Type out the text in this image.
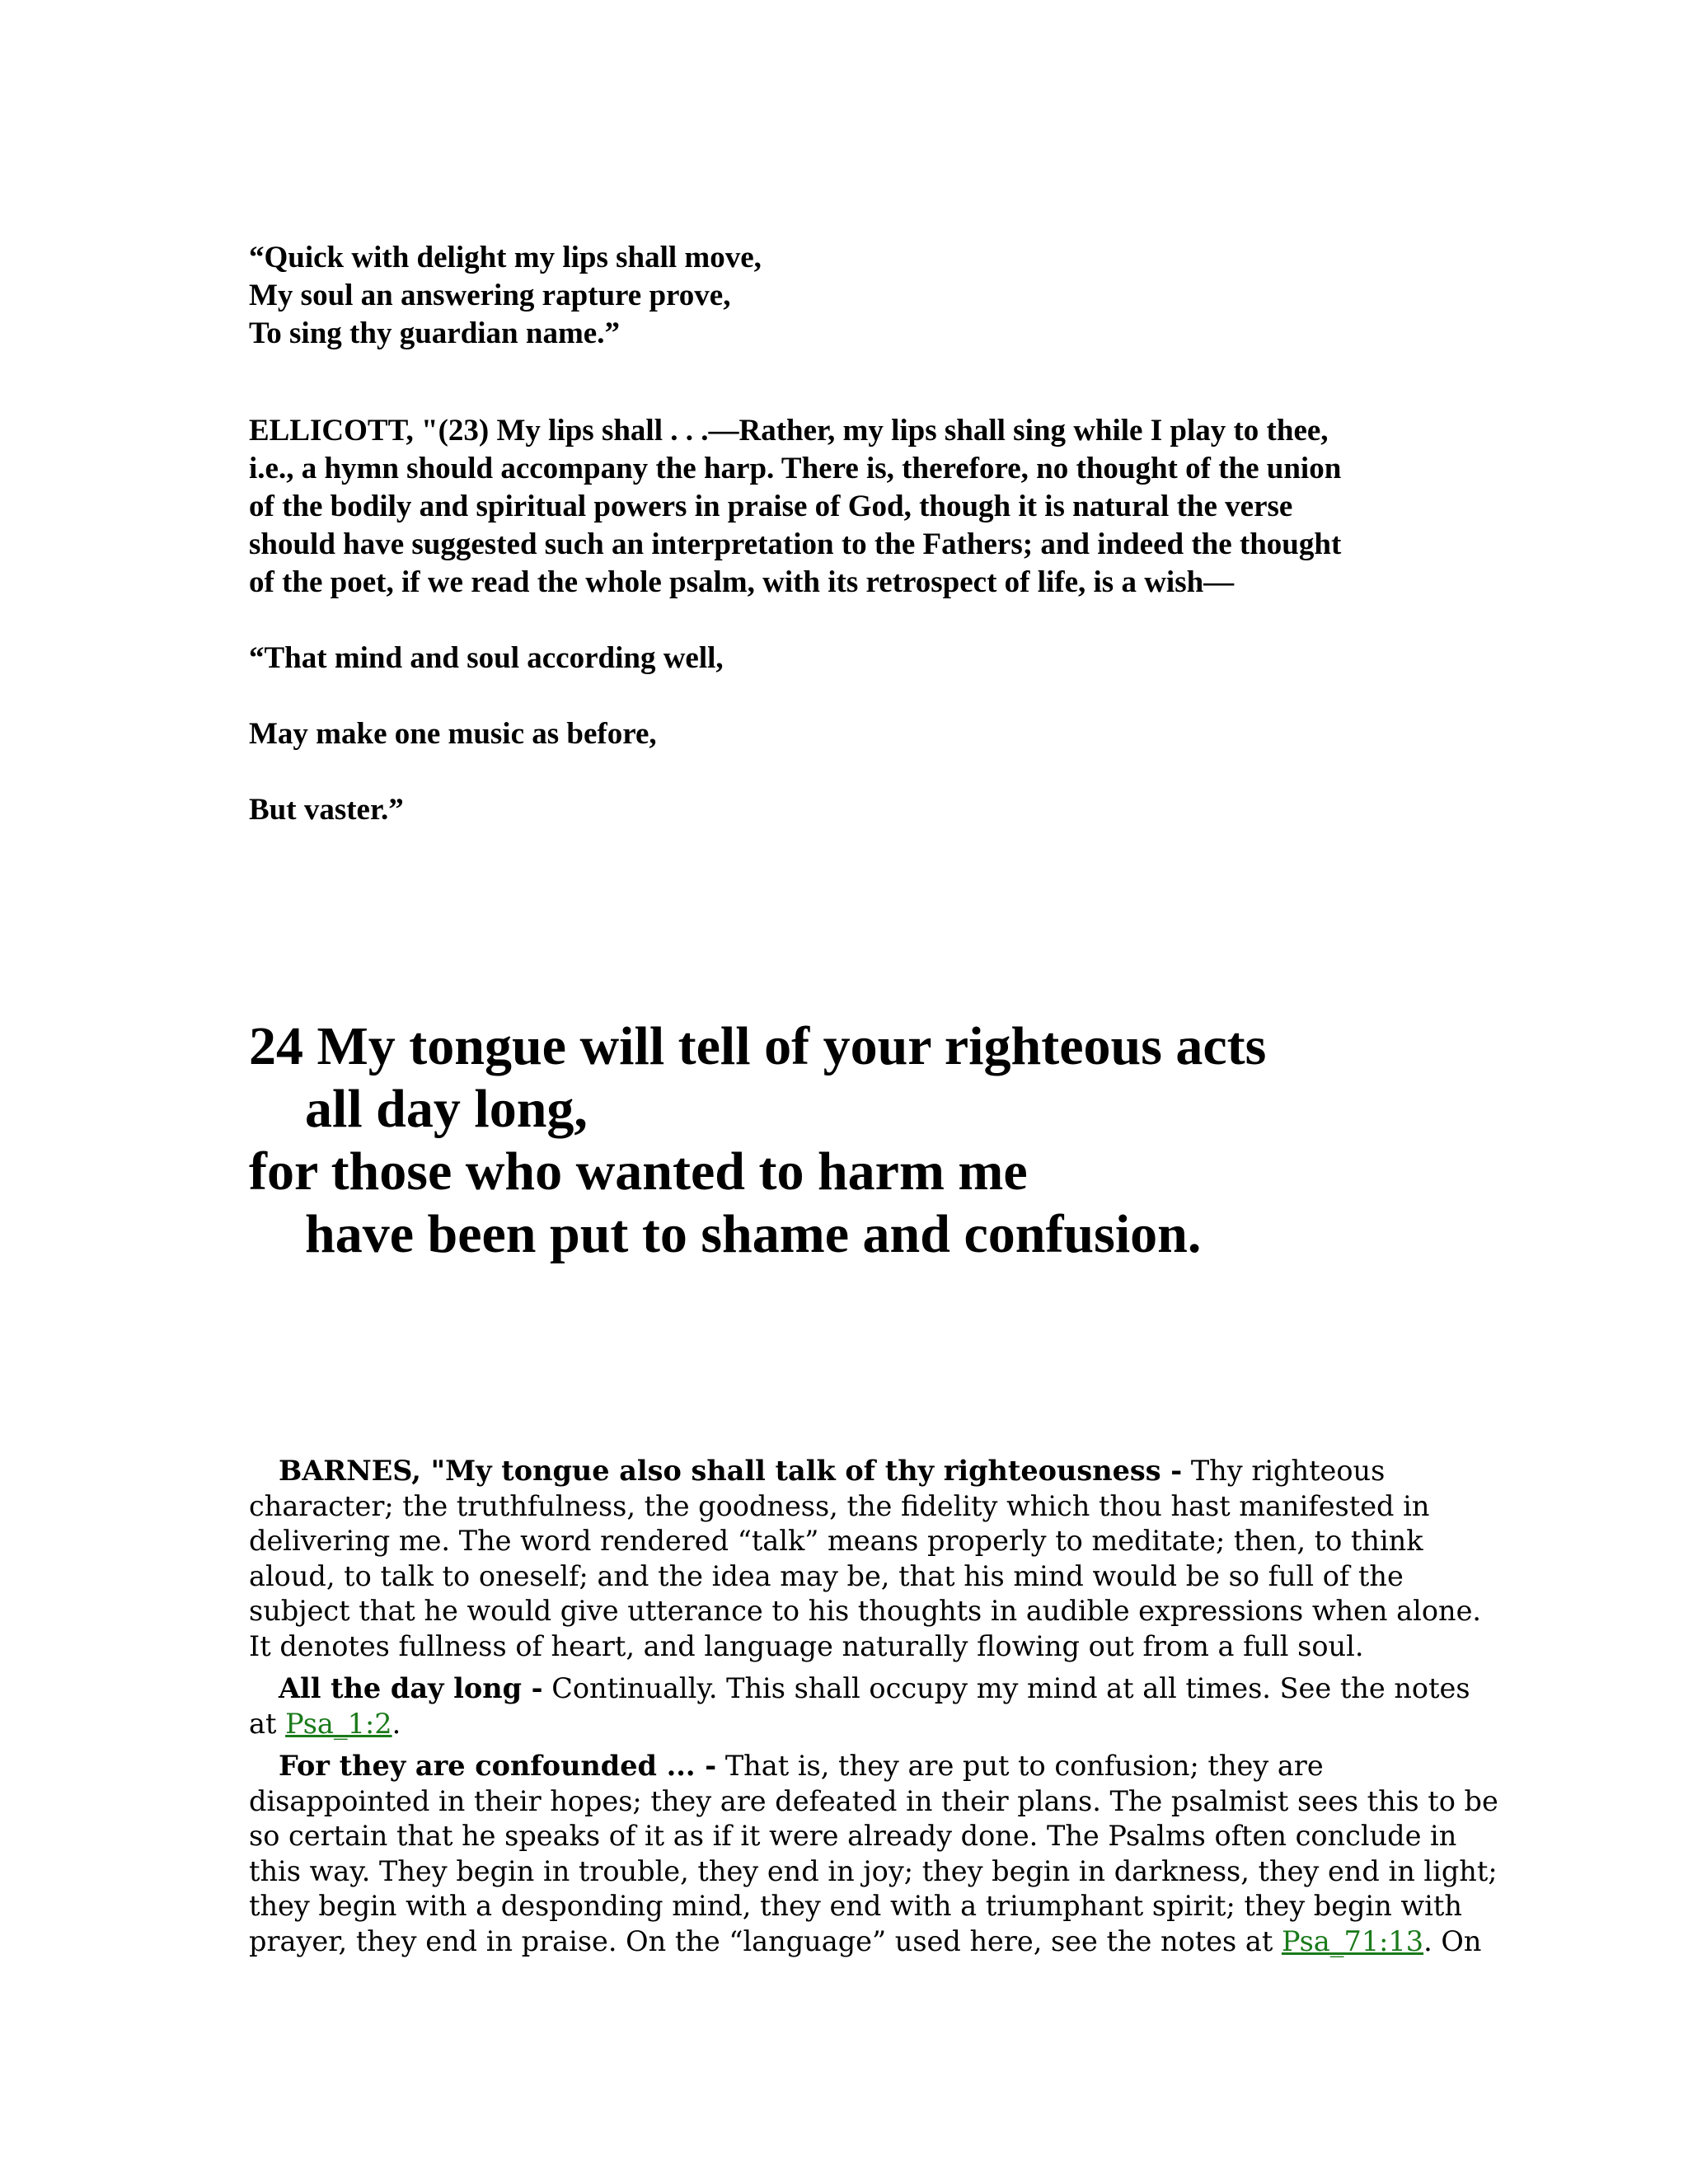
“Quick with delight my lips shall move,
My soul an answering rapture prove,
To sing thy guardian name.”
ELLICOTT, "(23) My lips shall . . .—Rather, my lips shall sing while I play to thee,
i.e., a hymn should accompany the harp. There is, therefore, no thought of the union
of the bodily and spiritual powers in praise of God, though it is natural the verse
should have suggested such an interpretation to the Fathers; and indeed the thought
of the poet, if we read the whole psalm, with its retrospect of life, is a wish—
“That mind and soul according well,
May make one music as before,
But vaster.”
24 My tongue will tell of your righteous acts
all day long,
for those who wanted to harm me
have been put to shame and confusion.
BARNES, "My tongue also shall talk of thy righteousness - Thy righteous
character; the truthfulness, the goodness, the fidelity which thou hast manifested in
delivering me. The word rendered “talk” means properly to meditate; then, to think
aloud, to talk to oneself; and the idea may be, that his mind would be so full of the
subject that he would give utterance to his thoughts in audible expressions when alone.
It denotes fullness of heart, and language naturally flowing out from a full soul.
All the day long - Continually. This shall occupy my mind at all times. See the notes
at Psa_1:2.
For they are confounded ... - That is, they are put to confusion; they are
disappointed in their hopes; they are defeated in their plans. The psalmist sees this to be
so certain that he speaks of it as if it were already done. The Psalms often conclude in
this way. They begin in trouble, they end in joy; they begin in darkness, they end in light;
they begin with a desponding mind, they end with a triumphant spirit; they begin with
prayer, they end in praise. On the “language” used here, see the notes at Psa_71:13. On
